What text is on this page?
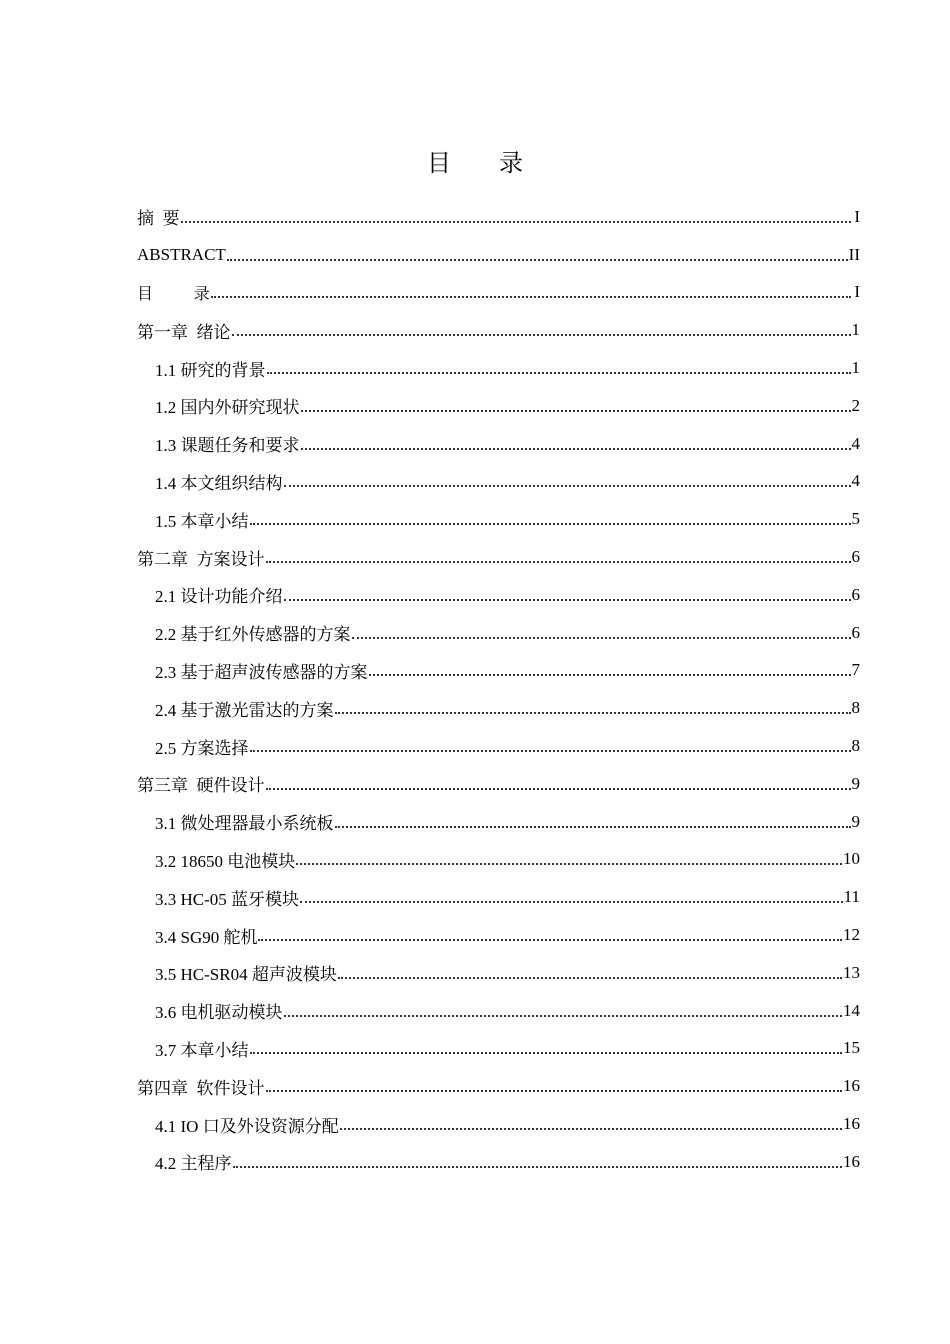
目 录
摘  要	I
ABSTRACT	II
目        录	I
第一章  绪论	1
1.1 研究的背景	1
1.2 国内外研究现状	2
1.3 课题任务和要求	4
1.4 本文组织结构	4
1.5 本章小结	5
第二章  方案设计	6
2.1 设计功能介绍	6
2.2 基于红外传感器的方案	6
2.3 基于超声波传感器的方案	7
2.4 基于激光雷达的方案	8
2.5 方案选择	8
第三章  硬件设计	9
3.1 微处理器最小系统板	9
3.2 18650 电池模块	10
3.3 HC-05 蓝牙模块	11
3.4 SG90 舵机	12
3.5 HC-SR04 超声波模块	13
3.6 电机驱动模块	14
3.7 本章小结	15
第四章  软件设计	16
4.1 IO 口及外设资源分配	16
4.2 主程序	16
